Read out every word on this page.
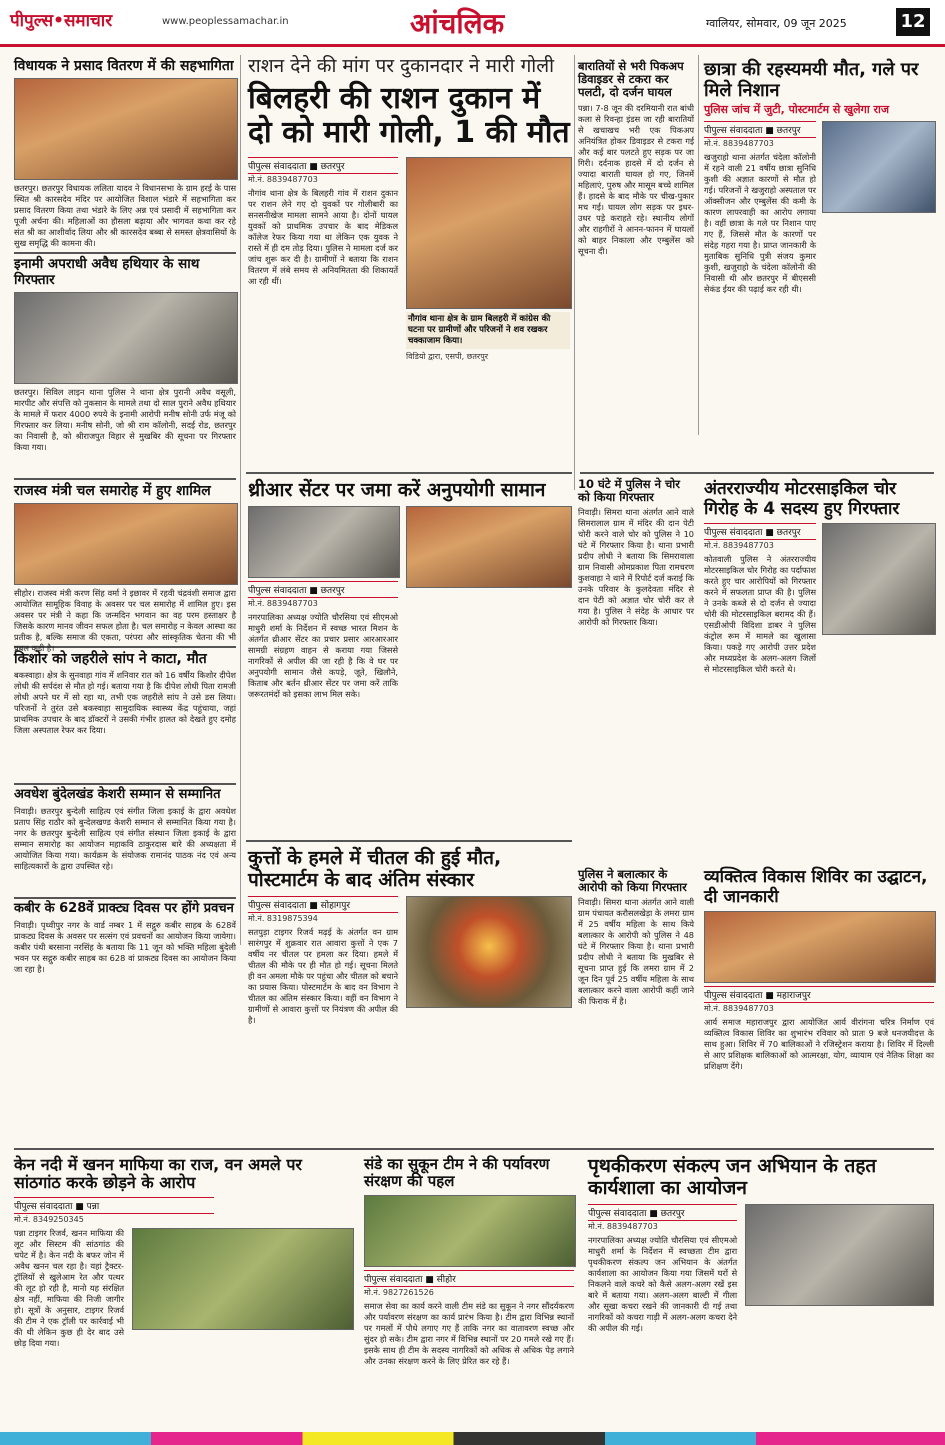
पीपुल्स•समाचार	www.peoplessamachar.in	आंचलिक	ग्वालियर, सोमवार, 09 जून 2025	12
विधायक ने प्रसाद वितरण में की सहभागिता
छतरपुर। छतरपुर विधायक ललिता यादव ने विधानसभा के ग्राम हरई के पास स्थित श्री कारसदेव मंदिर पर आयोजित विशाल भंडारे में सहभागिता कर प्रसाद वितरण किया तथा भंडारे के लिए अन्न एवं प्रसादी में सहभागिता कर पूजी अर्चना की। महिलाओं का हौसला बढ़ाया और भागवत कथा कर रहे संत श्री का आशीर्वाद लिया और श्री कारसदेव बब्बा से समस्त क्षेत्रवासियों के सुख समृद्धि की कामना की।
इनामी अपराधी अवैध हथियार के साथ गिरफ्तार
छतरपुर। सिविल लाइन थाना पुलिस ने थाना क्षेत्र पुरानी अवैध वसूली, मारपीट और संपत्ति को नुकसान के मामले तथा दो साल पुराने अवैध हथियार के मामले में फरार 4000 रुपये के इनामी आरोपी मनीष सोनी उर्फ मंजू को गिरफ्तार कर लिया। मनीष सोनी, जो श्री राम कॉलोनी, सदई रोड, छतरपुर का निवासी है, को श्रीराजपुत विहार से मुखबिर की सूचना पर गिरफ्तार किया गया।
राजस्व मंत्री चल समारोह में हुए शामिल
सीहोर। राजस्व मंत्री करण सिंह वर्मा ने इछावर में रहवी चंद्रवंशी समाज द्वारा आयोजित सामूहिक विवाह के अवसर पर चल समारोह में शामिल हुए। इस अवसर पर मंत्री ने कहा कि जन्मदिन भगवान का वह परम हस्ताक्षर है जिसके कारण मानव जीवन सफल होता है। चल समारोह न केवल आस्था का प्रतीक है, बल्कि समाज की एकता, परंपरा और सांस्कृतिक चेतना की भी प्रबल कड़ी है।
किशोर को जहरीले सांप ने काटा, मौत
बकस्वाहा। क्षेत्र के सुनवाहा गांव में शनिवार रात को 16 वर्षीय किशोर दीपेश लोधी की सर्पदंश से मौत हो गई। बताया गया है कि दीपेश लोधी पिता रामजी लोधी अपने घर में सो रहा था, तभी एक जहरीले सांप ने उसे डस लिया। परिजनों ने तुरंत उसे बकस्वाहा सामुदायिक स्वास्थ्य केंद्र पहुंचाया, जहां प्राथमिक उपचार के बाद डॉक्टरों ने उसकी गंभीर हालत को देखते हुए दमोह जिला अस्पताल रेफर कर दिया।
अवधेश बुंदेलखंड केशरी सम्मान से सम्मानित
निवाड़ी। छतरपुर बुन्देली साहित्य एवं संगीत जिला इकाई के द्वारा अवधेश प्रताप सिंह राठौर को बुन्देलखण्ड केशरी सम्मान से सम्मानित किया गया है। नगर के छतरपुर बुन्देली साहित्य एवं संगीत संस्थान जिला इकाई के द्वारा सम्मान समारोह का आयोजन महाकवि ठाकुरदास बारे की अध्यक्षता में आयोजित किया गया। कार्यक्रम के संयोजक रामानंद पाठक नंद एवं अन्य साहित्यकारों के द्वारा उपस्थित रहे।
कबीर के 628वें प्राक्ट्य दिवस पर होंगे प्रवचन
निवाड़ी। पृथ्वीपुर नगर के वार्ड नम्बर 1 में सद्गुरु कबीर साहब के 628वें प्राकट्य दिवस के अवसर पर सत्संग एवं प्रवचनों का आयोजन किया जायेगा। कबीर पंथी बरसाना नरसिंह के बताया कि 11 जून को भक्ति महिला बुंदेली भवन पर सद्गुरु कबीर साहब का 628 वां प्राकट्य दिवस का आयोजन किया जा रहा है।
राशन देने की मांग पर दुकानदार ने मारी गोली
बिलहरी की राशन दुकान में दो को मारी गोली, 1 की मौत
पीपुल्स संवाददाता ■ छतरपुर
मो.नं. 8839487703
नौगांव थाना क्षेत्र के बिलहरी गांव में राशन दुकान पर राशन लेने गए दो युवकों पर गोलीबारी का सनसनीखेज मामला सामने आया है। दोनों घायल युवकों को प्राथमिक उपचार के बाद मेडिकल कॉलेज रेफर किया गया था लेकिन एक युवक ने रास्ते में ही दम तोड़ दिया। पुलिस ने मामला दर्ज कर जांच शुरू कर दी है। ग्रामीणों ने बताया कि राशन वितरण में लंबे समय से अनियमितता की शिकायतें आ रही थीं।
नौगांव थाना क्षेत्र के ग्राम बिलहरी में कांग्रेस की घटना पर ग्रामीणों और परिजनों ने शव रखकर चक्काजाम किया।
विडियो द्वारा, एसपी, छतरपुर
बारातियों से भरी पिकअप डिवाइडर से टकरा कर पलटी, दो दर्जन घायल
पन्ना। 7-8 जून की दरमियानी रात बांधी कला से रिवन्हा इंडस जा रही बारातियों से खचाखच भरी एक पिकअप अनियंत्रित होकर डिवाइडर से टकरा गई और कई बार पलटते हुए सड़क पर जा गिरी। दर्दनाक हादसे में दो दर्जन से ज्यादा बाराती घायल हो गए, जिनमें महिलाएं, पुरुष और मासूम बच्चे शामिल हैं। हादसे के बाद मौके पर चीख-पुकार मच गई। घायल लोग सड़क पर इधर-उधर पड़े कराहते रहे। स्थानीय लोगों और राहगीरों ने आनन-फानन में घायलों को बाहर निकाला और एम्बुलेंस को सूचना दी।
10 घंटे में पुलिस ने चोर को किया गिरफ्तार
निवाड़ी। सिमरा थाना अंतर्गत आने वाले सिमरालाल ग्राम में मंदिर की दान पेटी चोरी करने वाले चोर को पुलिस ने 10 घंटे में गिरफ्तार किया है। थाना प्रभारी प्रदीप लोधी ने बताया कि सिमरावाला ग्राम निवासी ओमप्रकाश पिता रामचरण कुशवाहा ने थाने में रिपोर्ट दर्ज कराई कि उनके परिवार के कुलदेवता मंदिर से दान पेटी को अज्ञात चोर चोरी कर ले गया है। पुलिस ने संदेह के आधार पर आरोपी को गिरफ्तार किया।
पुलिस ने बलात्कार के आरोपी को किया गिरफ्तार
निवाड़ी। सिमरा थाना अंतर्गत आने वाली ग्राम पंचायत करौसलखेड़ा के लमरा ग्राम में 25 वर्षीय महिला के साथ किये बलात्कार के आरोपी को पुलिस ने 48 घंटे में गिरफ्तार किया है। थाना प्रभारी प्रदीप लोधी ने बताया कि मुखबिर से सूचना प्राप्त हुई कि लमरा ग्राम में 2 जून दिन पूर्व 25 वर्षीय महिला के साथ बलात्कार करने वाला आरोपी कहीं जाने की फिराक में है।
छात्रा की रहस्यमयी मौत, गले पर मिले निशान
पुलिस जांच में जुटी, पोस्टमार्टम से खुलेगा राज
पीपुल्स संवाददाता ■ छतरपुर
मो.नं. 8839487703
खजुराहो थाना अंतर्गत चंदेला कॉलोनी में रहने वाली 21 वर्षीय छात्रा सुनिधि कुशी की अज्ञात कारणों से मौत हो गई। परिजनों ने खजुराहो अस्पताल पर ऑक्सीजन और एम्बुलेंस की कमी के कारण लापरवाही का आरोप लगाया है। वहीं छात्रा के गले पर निशान पाए गए हैं, जिससे मौत के कारणों पर संदेह गहरा गया है। प्राप्त जानकारी के मुताबिक सुनिधि पुत्री संजय कुमार कुशी, खजुराहो के चंदेला कॉलोनी की निवासी थी और छतरपुर में बीएससी सेकंड ईयर की पढ़ाई कर रही थी।
अंतरराज्यीय मोटरसाइकिल चोर गिरोह के 4 सदस्य हुए गिरफ्तार
पीपुल्स संवाददाता ■ छतरपुर
मो.नं. 8839487703
कोतवाली पुलिस ने अंतरराज्यीय मोटरसाइकिल चोर गिरोह का पर्दाफाश करते हुए चार आरोपियों को गिरफ्तार करने में सफलता प्राप्त की है। पुलिस ने उनके कब्जे से दो दर्जन से ज्यादा चोरी की मोटरसाइकिल बरामद की हैं। एसडीओपी विदिशा डाबर ने पुलिस कंट्रोल रूम में मामले का खुलासा किया। पकड़े गए आरोपी उत्तर प्रदेश और मध्यप्रदेश के अलग-अलग जिलों से मोटरसाइकिल चोरी करते थे।
व्यक्तित्व विकास शिविर का उद्घाटन, दी जानकारी
पीपुल्स संवाददाता ■ महाराजपुर
मो.नं. 8839487703
आर्य समाज महाराजपुर द्वारा आयोजित आर्य वीरांगना चरित्र निर्माण एवं व्यक्तित्व विकास शिविर का शुभारंभ रविवार को प्रातः 9 बजे धनजयीदत्त के साथ हुआ। शिविर में 70 बालिकाओं ने रजिस्ट्रेशन कराया है। शिविर में दिल्ली से आए प्रशिक्षक बालिकाओं को आत्मरक्षा, योग, व्यायाम एवं नैतिक शिक्षा का प्रशिक्षण देंगे।
थ्रीआर सेंटर पर जमा करें अनुपयोगी सामान
पीपुल्स संवाददाता ■ छतरपुर
मो.नं. 8839487703
नगरपालिका अध्यक्ष ज्योति चौरसिया एवं सीएमओ माधुरी शर्मा के निर्देशन में स्वच्छ भारत मिशन के अंतर्गत थ्रीआर सेंटर का प्रचार प्रसार आरआरआर सामग्री संग्रहण वाहन से कराया गया जिससे नागरिकों से अपील की जा रही है कि वे घर पर अनुपयोगी सामान जैसे कपड़े, जूते, खिलौने, किताब और बर्तन थ्रीआर सेंटर पर जमा करें ताकि जरूरतमंदों को इसका लाभ मिल सके।
कुत्तों के हमले में चीतल की हुई मौत, पोस्टमार्टम के बाद अंतिम संस्कार
पीपुल्स संवाददाता ■ सोहागपुर
मो.नं. 8319875394
सतपुड़ा टाइगर रिजर्व मढ़ई के अंतर्गत वन ग्राम सारंगपुर में शुक्रवार रात आवारा कुत्तों ने एक 7 वर्षीय नर चीतल पर हमला कर दिया। हमले में चीतल की मौके पर ही मौत हो गई। सूचना मिलते ही वन अमला मौके पर पहुंचा और चीतल को बचाने का प्रयास किया। पोस्टमार्टम के बाद वन विभाग ने चीतल का अंतिम संस्कार किया। वहीं वन विभाग ने ग्रामीणों से आवारा कुत्तों पर नियंत्रण की अपील की है।
केन नदी में खनन माफिया का राज, वन अमले पर सांठगांठ करके छोड़ने के आरोप
पीपुल्स संवाददाता ■ पन्ना
मो.नं. 8349250345
पन्ना टाइगर रिजर्व, खनन माफिया की लूट और सिस्टम की सांठगांठ की चपेट में है। केन नदी के बफर जोन में अवैध खनन चल रहा है। यहां ट्रैक्टर-ट्रॉलियों से खुलेआम रेत और पत्थर की लूट हो रही है, मानो यह संरक्षित क्षेत्र नहीं, माफिया की निजी जागीर हो। सूत्रों के अनुसार, टाइगर रिजर्व की टीम ने एक ट्रॉली पर कार्रवाई भी की थी लेकिन कुछ ही देर बाद उसे छोड़ दिया गया।
संडे का सुकून टीम ने की पर्यावरण संरक्षण की पहल
पीपुल्स संवाददाता ■ सीहोर
मो.नं. 9827261526
समाज सेवा का कार्य करने वाली टीम संडे का सुकून ने नगर सौंदर्यकरण और पर्यावरण संरक्षण का कार्य प्रारंभ किया है। टीम द्वारा विभिन्न स्थानों पर गमलों में पौधे लगाए गए हैं ताकि नगर का वातावरण स्वच्छ और सुंदर हो सके। टीम द्वारा नगर में विभिन्न स्थानों पर 20 गमले रखे गए हैं। इसके साथ ही टीम के सदस्य नागरिकों को अधिक से अधिक पेड़ लगाने और उनका संरक्षण करने के लिए प्रेरित कर रहे हैं।
पृथकीकरण संकल्प जन अभियान के तहत कार्यशाला का आयोजन
पीपुल्स संवाददाता ■ छतरपुर
मो.नं. 8839487703
नगरपालिका अध्यक्ष ज्योति चौरसिया एवं सीएमओ माधुरी शर्मा के निर्देशन में स्वच्छता टीम द्वारा पृथकीकरण संकल्प जन अभियान के अंतर्गत कार्यशाला का आयोजन किया गया जिसमें घरों से निकलने वाले कचरे को कैसे अलग-अलग रखें इस बारे में बताया गया। अलग-अलग बाल्टी में गीला और सूखा कचरा रखने की जानकारी दी गई तथा नागरिकों को कचरा गाड़ी में अलग-अलग कचरा देने की अपील की गई।
